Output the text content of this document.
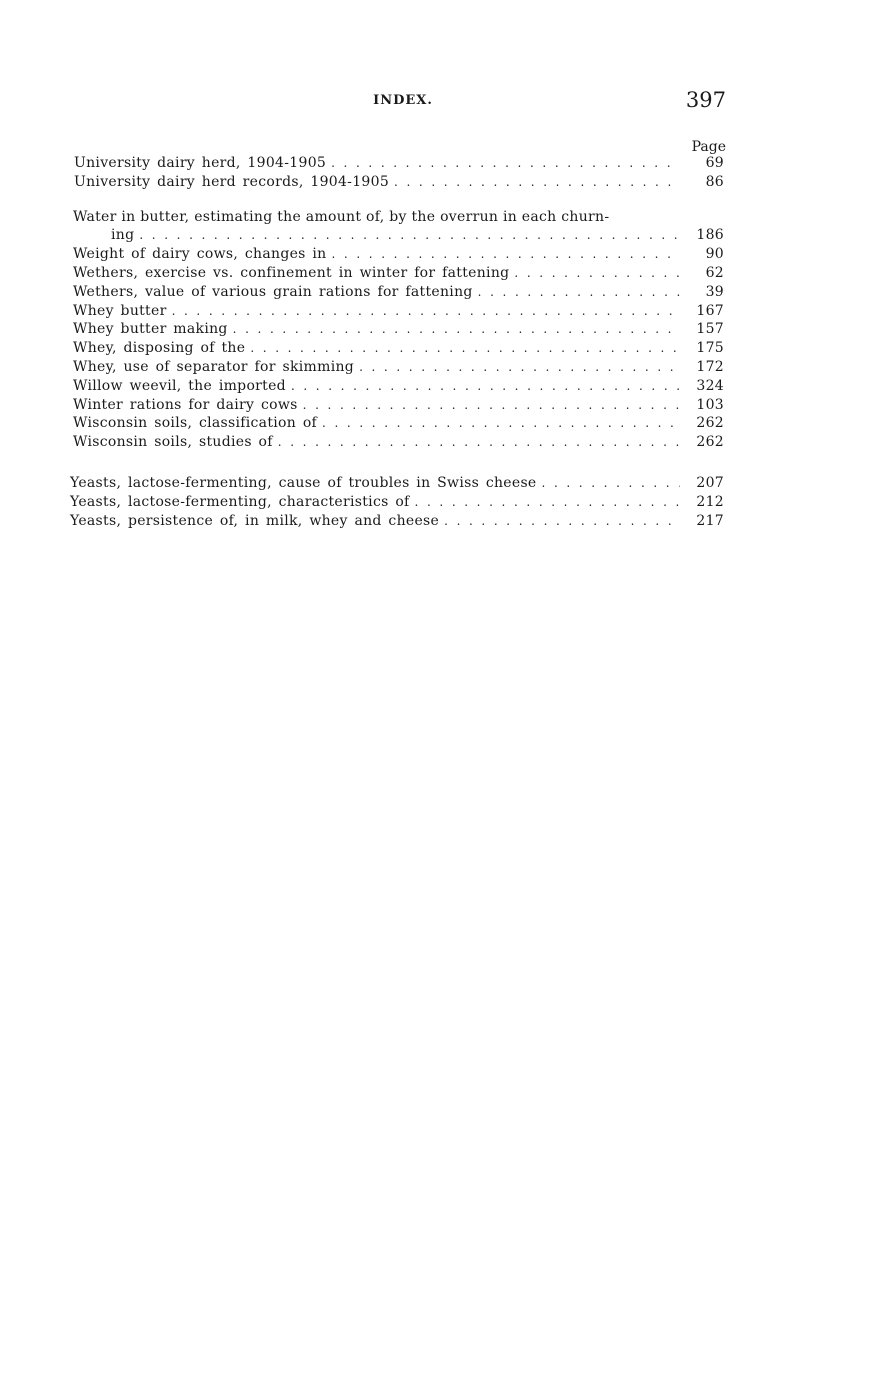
INDEX.	397
Page
University dairy herd, 1904-1905 . . .	69
University dairy herd records, 1904-1905 . . .	86
Water in butter, estimating the amount of, by the overrun in each churn-
ing . . .	186
Weight of dairy cows, changes in . . .	90
Wethers, exercise vs. confinement in winter for fattening . . .	62
Wethers, value of various grain rations for fattening . . .	39
Whey butter . . .	167
Whey butter making . . .	157
Whey, disposing of the . . .	175
Whey, use of separator for skimming . . .	172
Willow weevil, the imported . . .	324
Winter rations for dairy cows . . .	103
Wisconsin soils, classification of . . .	262
Wisconsin soils, studies of . . .	262
Yeasts, lactose-fermenting, cause of troubles in Swiss cheese . . .	207
Yeasts, lactose-fermenting, characteristics of . . .	212
Yeasts, persistence of, in milk, whey and cheese . . .	217
